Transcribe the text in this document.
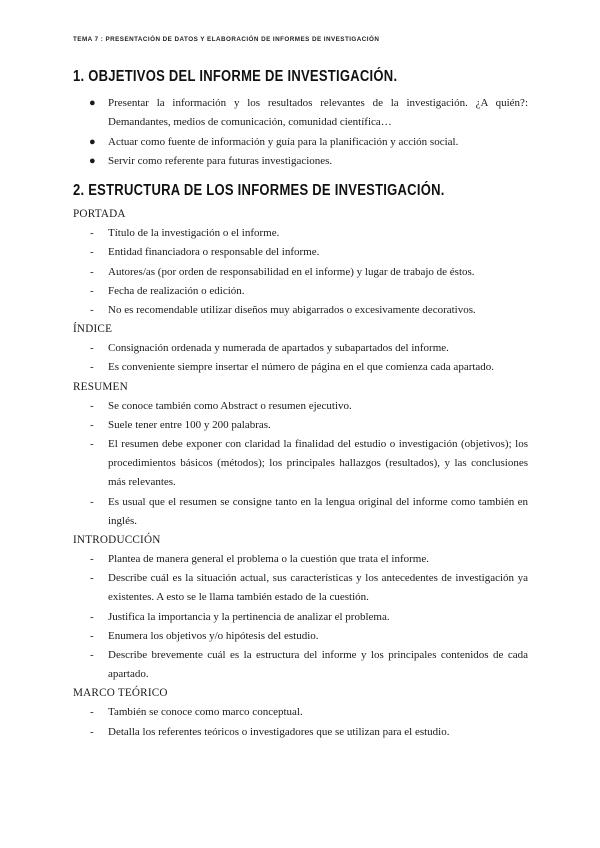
TEMA 7 : PRESENTACIÓN DE DATOS Y ELABORACIÓN DE INFORMES DE INVESTIGACIÓN
1. OBJETIVOS DEL INFORME DE INVESTIGACIÓN.
● Presentar la información y los resultados relevantes de la investigación. ¿A quién?: Demandantes, medios de comunicación, comunidad científica…
● Actuar como fuente de información y guía para la planificación y acción social.
● Servir como referente para futuras investigaciones.
2. ESTRUCTURA DE LOS INFORMES DE INVESTIGACIÓN.
PORTADA
- Título de la investigación o el informe.
- Entidad financiadora o responsable del informe.
- Autores/as (por orden de responsabilidad en el informe) y lugar de trabajo de éstos.
- Fecha de realización o edición.
- No es recomendable utilizar diseños muy abigarrados o excesivamente decorativos.
ÍNDICE
- Consignación ordenada y numerada de apartados y subapartados del informe.
- Es conveniente siempre insertar el número de página en el que comienza cada apartado.
RESUMEN
- Se conoce también como Abstract o resumen ejecutivo.
- Suele tener entre 100 y 200 palabras.
- El resumen debe exponer con claridad la finalidad del estudio o investigación (objetivos); los procedimientos básicos (métodos); los principales hallazgos (resultados), y las conclusiones más relevantes.
- Es usual que el resumen se consigne tanto en la lengua original del informe como también en inglés.
INTRODUCCIÓN
- Plantea de manera general el problema o la cuestión que trata el informe.
- Describe cuál es la situación actual, sus características y los antecedentes de investigación ya existentes. A esto se le llama también estado de la cuestión.
- Justifica la importancia y la pertinencia de analizar el problema.
- Enumera los objetivos y/o hipótesis del estudio.
- Describe brevemente cuál es la estructura del informe y los principales contenidos de cada apartado.
MARCO TEÓRICO
- También se conoce como marco conceptual.
- Detalla los referentes teóricos o investigadores que se utilizan para el estudio.
